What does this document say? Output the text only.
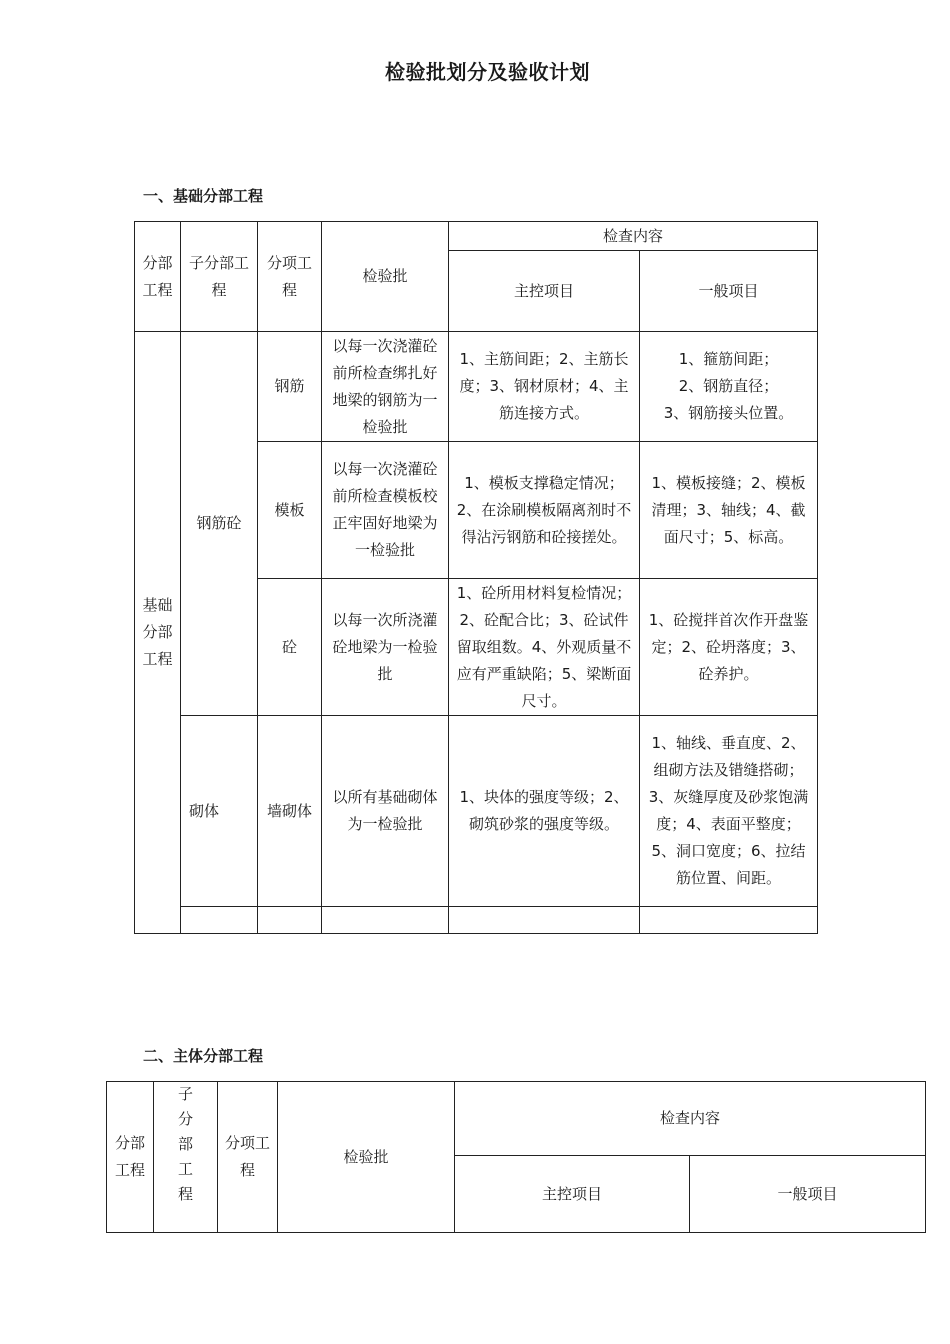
检验批划分及验收计划
一、基础分部工程
分部工程	子分部工程	分项工程	检验批	检查内容	
				主控项目	一般项目
基础分部工程	钢筋砼	钢筋	以每一次浇灌砼前所检查绑扎好地梁的钢筋为一检验批	1、主筋间距；2、主筋长度；3、钢材原材；4、主筋连接方式。	1、箍筋间距；
2、钢筋直径；
3、钢筋接头位置。
		模板	以每一次浇灌砼前所检查模板校正牢固好地梁为一检验批	1、模板支撑稳定情况；2、在涂刷模板隔离剂时不得沾污钢筋和砼接搓处。	1、模板接缝；2、模板清理；3、轴线；4、截面尺寸；5、标高。
		砼	以每一次所浇灌砼地梁为一检验批	1、砼所用材料复检情况；2、砼配合比；3、砼试件留取组数。4、外观质量不应有严重缺陷；5、梁断面尺寸。	1、砼搅拌首次作开盘鉴定；2、砼坍落度；3、砼养护。
	砌体	墙砌体	以所有基础砌体为一检验批	1、块体的强度等级；2、砌筑砂浆的强度等级。	1、轴线、垂直度、2、组砌方法及错缝搭砌；3、灰缝厚度及砂浆饱满度；4、表面平整度；5、洞口宽度；6、拉结筋位置、间距。

二、主体分部工程
分部工程	子分
部工
程	分项工程	检验批	检查内容	
				主控项目	一般项目
